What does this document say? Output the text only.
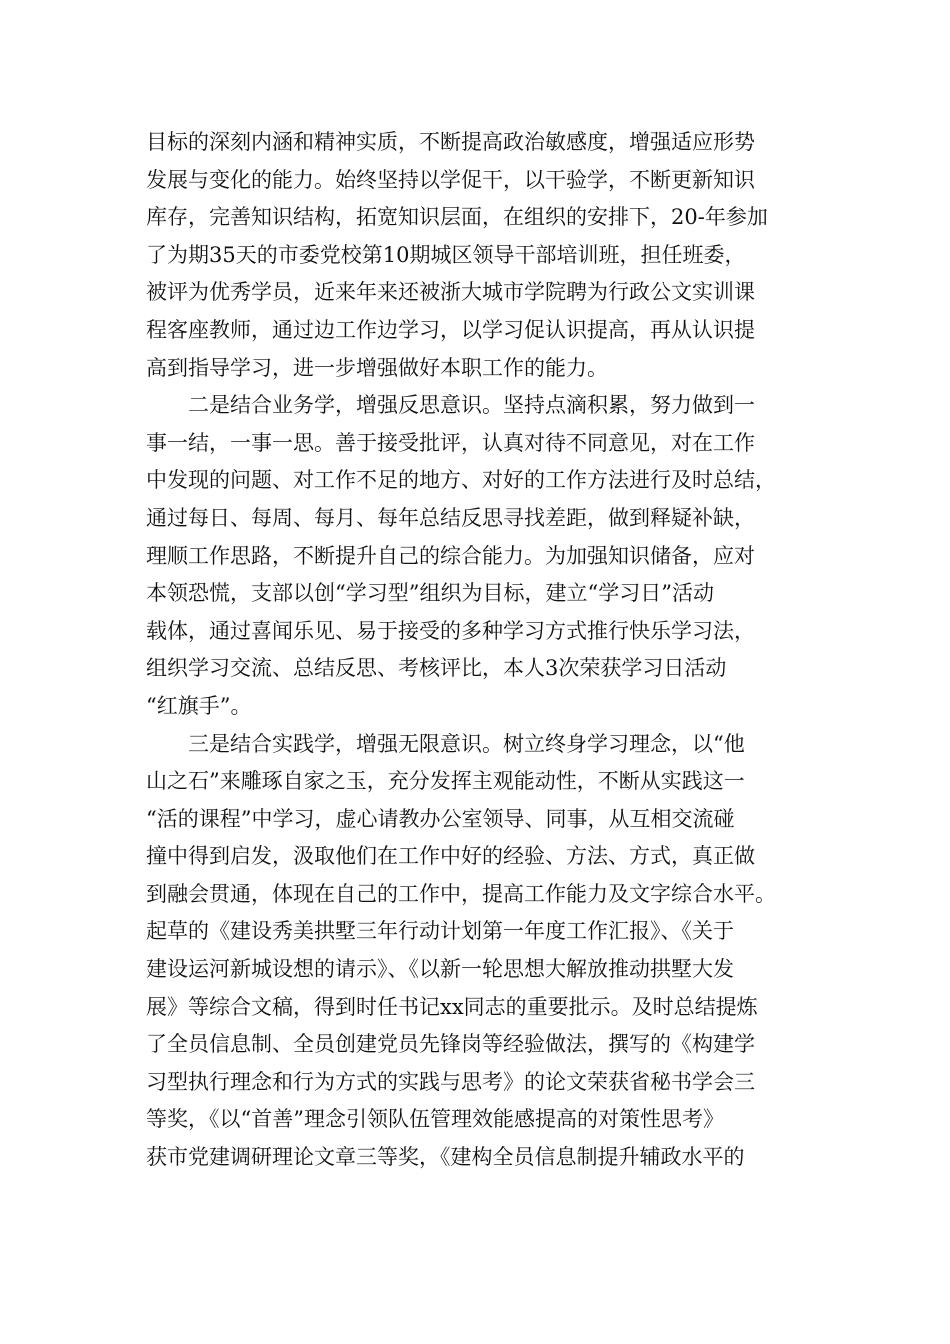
目标的深刻内涵和精神实质，不断提高政治敏感度，增强适应形势
发展与变化的能力。始终坚持以学促干，以干验学，不断更新知识
库存，完善知识结构，拓宽知识层面，在组织的安排下，20-年参加
了为期35天的市委党校第10期城区领导干部培训班，担任班委，
被评为优秀学员，近来年来还被浙大城市学院聘为行政公文实训课
程客座教师，通过边工作边学习，以学习促认识提高，再从认识提
高到指导学习，进一步增强做好本职工作的能力。

二是结合业务学，增强反思意识。坚持点滴积累，努力做到一
事一结，一事一思。善于接受批评，认真对待不同意见，对在工作
中发现的问题、对工作不足的地方、对好的工作方法进行及时总结，
通过每日、每周、每月、每年总结反思寻找差距，做到释疑补缺，
理顺工作思路，不断提升自己的综合能力。为加强知识储备，应对
本领恐慌，支部以创“学习型”组织为目标，建立“学习日”活动
载体，通过喜闻乐见、易于接受的多种学习方式推行快乐学习法，
组织学习交流、总结反思、考核评比，本人3次荣获学习日活动
“红旗手”。

三是结合实践学，增强无限意识。树立终身学习理念，以“他
山之石”来雕琢自家之玉，充分发挥主观能动性，不断从实践这一
“活的课程”中学习，虚心请教办公室领导、同事，从互相交流碰
撞中得到启发，汲取他们在工作中好的经验、方法、方式，真正做
到融会贯通，体现在自己的工作中，提高工作能力及文字综合水平。
起草的《建设秀美拱墅三年行动计划第一年度工作汇报》、《关于
建设运河新城设想的请示》、《以新一轮思想大解放推动拱墅大发
展》等综合文稿，得到时任书记xx同志的重要批示。及时总结提炼
了全员信息制、全员创建党员先锋岗等经验做法，撰写的《构建学
习型执行理念和行为方式的实践与思考》的论文荣获省秘书学会三
等奖，《以“首善”理念引领队伍管理效能感提高的对策性思考》
获市党建调研理论文章三等奖，《建构全员信息制提升辅政水平的
